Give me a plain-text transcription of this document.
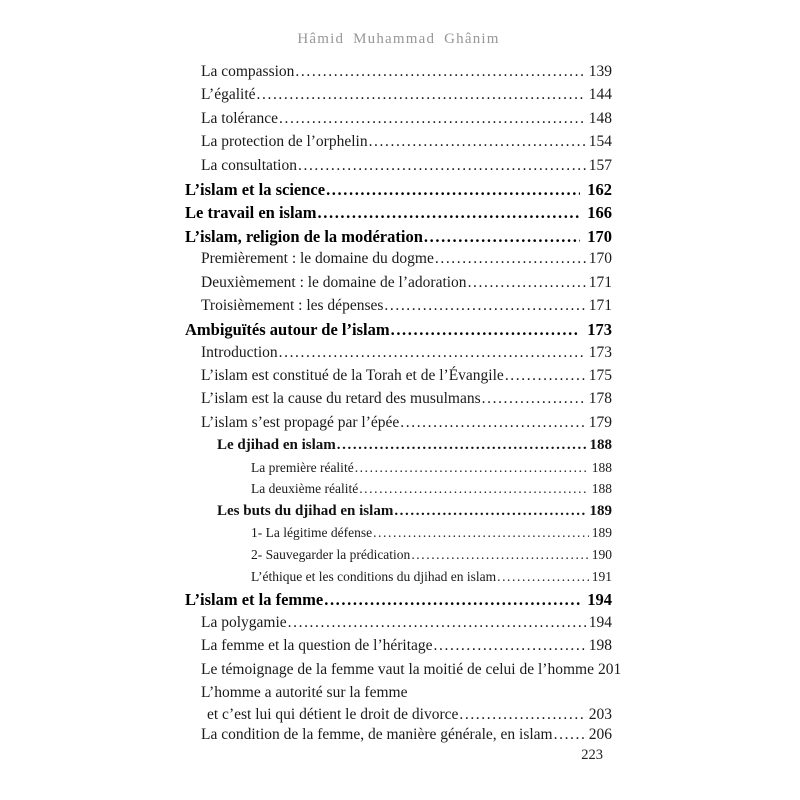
Hâmid Muhammad Ghânim
La compassion .....	139
L’égalité .....	144
La tolérance .....	148
La protection de l’orphelin .....	154
La consultation .....	157
L’islam et la science .....	162
Le travail en islam .....	166
L’islam, religion de la modération .....	170
Premièrement : le domaine du dogme .....	170
Deuxièmement : le domaine de l’adoration .....	171
Troisièmement : les dépenses .....	171
Ambiguïtés autour de l’islam .....	173
Introduction .....	173
L’islam est constitué de la Torah et de l’Évangile .....	175
L’islam est la cause du retard des musulmans .....	178
L’islam s’est propagé par l’épée .....	179
Le djihad en islam .....	188
La première réalité .....	188
La deuxième réalité .....	188
Les buts du djihad en islam .....	189
1- La légitime défense .....	189
2- Sauvegarder la prédication .....	190
L’éthique et les conditions du djihad en islam .....	191
L’islam et la femme .....	194
La polygamie .....	194
La femme et la question de l’héritage .....	198
Le témoignage de la femme vaut la moitié de celui de l’homme 201
L’homme a autorité sur la femme
et c’est lui qui détient le droit de divorce .....	203
La condition de la femme, de manière générale, en islam ..... 206
223
